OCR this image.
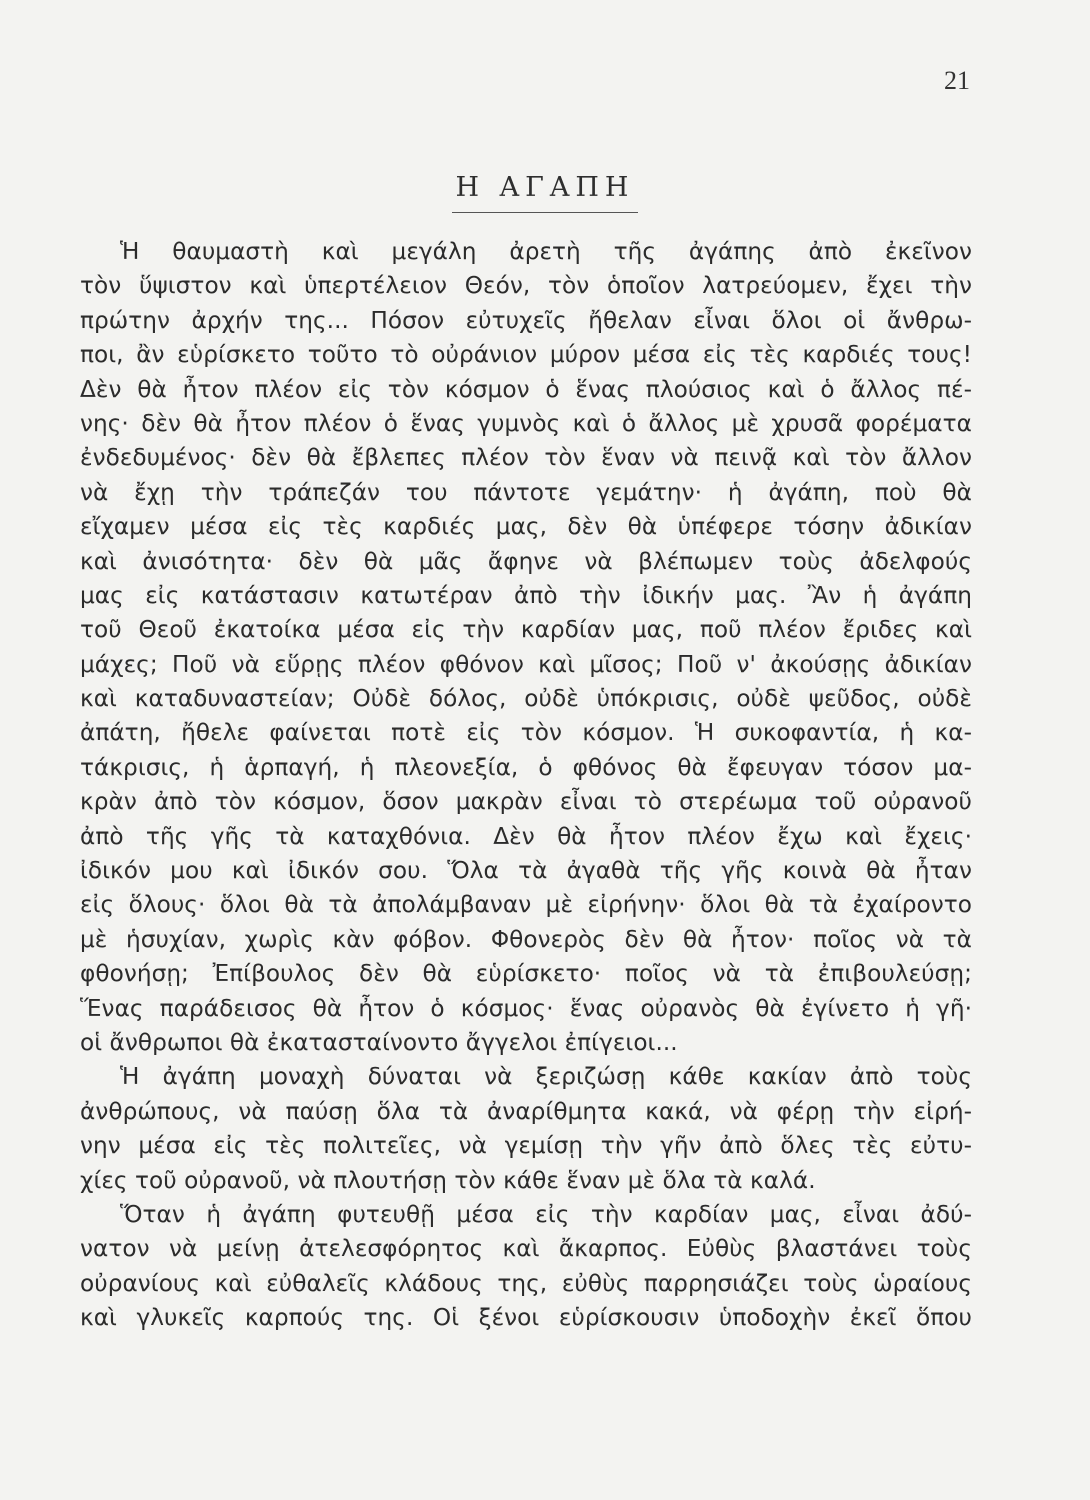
21
Η ΑΓΑΠΗ
Ἡ θαυμαστὴ καὶ μεγάλη ἀρετὴ τῆς ἀγάπης ἀπὸ ἐκεῖνον
τὸν ὕψιστον καὶ ὑπερτέλειον Θεόν, τὸν ὁποῖον λατρεύομεν, ἔχει τὴν
πρώτην ἀρχήν της... Πόσον εὐτυχεῖς ἤθελαν εἶναι ὅλοι οἱ ἄνθρω-
ποι, ἂν εὑρίσκετο τοῦτο τὸ οὐράνιον μύρον μέσα εἰς τὲς καρδιές τους!
Δὲν θὰ ἦτον πλέον εἰς τὸν κόσμον ὁ ἕνας πλούσιος καὶ ὁ ἄλλος πέ-
νης· δὲν θὰ ἦτον πλέον ὁ ἕνας γυμνὸς καὶ ὁ ἄλλος μὲ χρυσᾶ φορέματα
ἐνδεδυμένος· δὲν θὰ ἔβλεπες πλέον τὸν ἕναν νὰ πεινᾷ καὶ τὸν ἄλλον
νὰ ἔχῃ τὴν τράπεζάν του πάντοτε γεμάτην· ἡ ἀγάπη, ποὺ θὰ
εἴχαμεν μέσα εἰς τὲς καρδιές μας, δὲν θὰ ὑπέφερε τόσην ἀδικίαν
καὶ ἀνισότητα· δὲν θὰ μᾶς ἄφηνε νὰ βλέπωμεν τοὺς ἀδελφούς
μας εἰς κατάστασιν κατωτέραν ἀπὸ τὴν ἰδικήν μας. Ἂν ἡ ἀγάπη
τοῦ Θεοῦ ἐκατοίκα μέσα εἰς τὴν καρδίαν μας, ποῦ πλέον ἔριδες καὶ
μάχες; Ποῦ νὰ εὕρῃς πλέον φθόνον καὶ μῖσος; Ποῦ ν' ἀκούσῃς ἀδικίαν
καὶ καταδυναστείαν; Οὐδὲ δόλος, οὐδὲ ὑπόκρισις, οὐδὲ ψεῦδος, οὐδὲ
ἀπάτη, ἤθελε φαίνεται ποτὲ εἰς τὸν κόσμον. Ἡ συκοφαντία, ἡ κα-
τάκρισις, ἡ ἁρπαγή, ἡ πλεονεξία, ὁ φθόνος θὰ ἔφευγαν τόσον μα-
κρὰν ἀπὸ τὸν κόσμον, ὅσον μακρὰν εἶναι τὸ στερέωμα τοῦ οὐρανοῦ
ἀπὸ τῆς γῆς τὰ καταχθόνια. Δὲν θὰ ἦτον πλέον ἔχω καὶ ἔχεις·
ἰδικόν μου καὶ ἰδικόν σου. Ὅλα τὰ ἀγαθὰ τῆς γῆς κοινὰ θὰ ἦταν
εἰς ὅλους· ὅλοι θὰ τὰ ἀπολάμβαναν μὲ εἰρήνην· ὅλοι θὰ τὰ ἐχαίροντο
μὲ ἡσυχίαν, χωρὶς κὰν φόβον. Φθονερὸς δὲν θὰ ἦτον· ποῖος νὰ τὰ
φθονήσῃ; Ἐπίβουλος δὲν θὰ εὑρίσκετο· ποῖος νὰ τὰ ἐπιβουλεύσῃ;
Ἕνας παράδεισος θὰ ἦτον ὁ κόσμος· ἕνας οὐρανὸς θὰ ἐγίνετο ἡ γῆ·
οἱ ἄνθρωποι θὰ ἐκατασταίνοντο ἄγγελοι ἐπίγειοι...
Ἡ ἀγάπη μοναχὴ δύναται νὰ ξεριζώσῃ κάθε κακίαν ἀπὸ τοὺς
ἀνθρώπους, νὰ παύσῃ ὅλα τὰ ἀναρίθμητα κακά, νὰ φέρῃ τὴν εἰρή-
νην μέσα εἰς τὲς πολιτεῖες, νὰ γεμίσῃ τὴν γῆν ἀπὸ ὅλες τὲς εὐτυ-
χίες τοῦ οὐρανοῦ, νὰ πλουτήσῃ τὸν κάθε ἕναν μὲ ὅλα τὰ καλά.
Ὅταν ἡ ἀγάπη φυτευθῇ μέσα εἰς τὴν καρδίαν μας, εἶναι ἀδύ-
νατον νὰ μείνῃ ἀτελεσφόρητος καὶ ἄκαρπος. Εὐθὺς βλαστάνει τοὺς
οὐρανίους καὶ εὐθαλεῖς κλάδους της, εὐθὺς παρρησιάζει τοὺς ὡραίους
καὶ γλυκεῖς καρπούς της. Οἱ ξένοι εὑρίσκουσιν ὑποδοχὴν ἐκεῖ ὅπου
